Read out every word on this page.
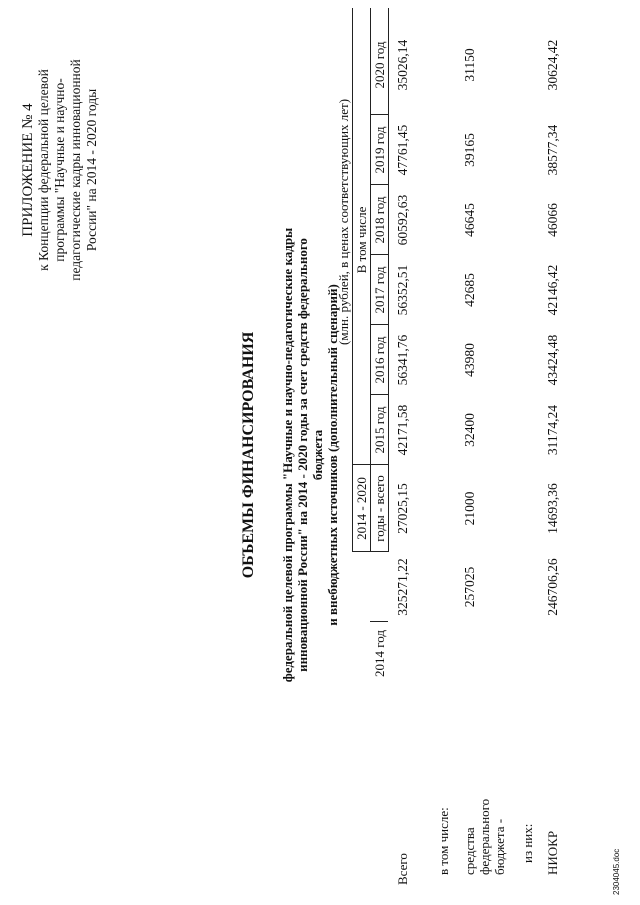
ПРИЛОЖЕНИЕ № 4 к Концепции федеральной целевой программы "Научные и научно- педагогические кадры инновационной России" на 2014 - 2020 годы
ОБЪЕМЫ ФИНАНСИРОВАНИЯ федеральной целевой программы "Научные и научно-педагогические кадры инновационной России" на 2014 - 2020 годы за счет средств федерального бюджета и внебюджетных источников (дополнительный сценарий)
(млн. рублей, в ценах соответствующих лет)
2014 - 2020 годы - всего
В том числе
2014 год
2015 год
2016 год
2017 год
2018 год
2019 год
2020 год
Всего в том числе: средства федерального бюджета - из них: НИОКР
325271,22
27025,15
42171,58
56341,76
56352,51
60592,63
47761,45
35026,14
257025
21000
32400
43980
42685
46645
39165
31150
246706,26
14693,36
31174,24
43424,48
42146,42
46066
38577,34
30624,42
2304045.doc
